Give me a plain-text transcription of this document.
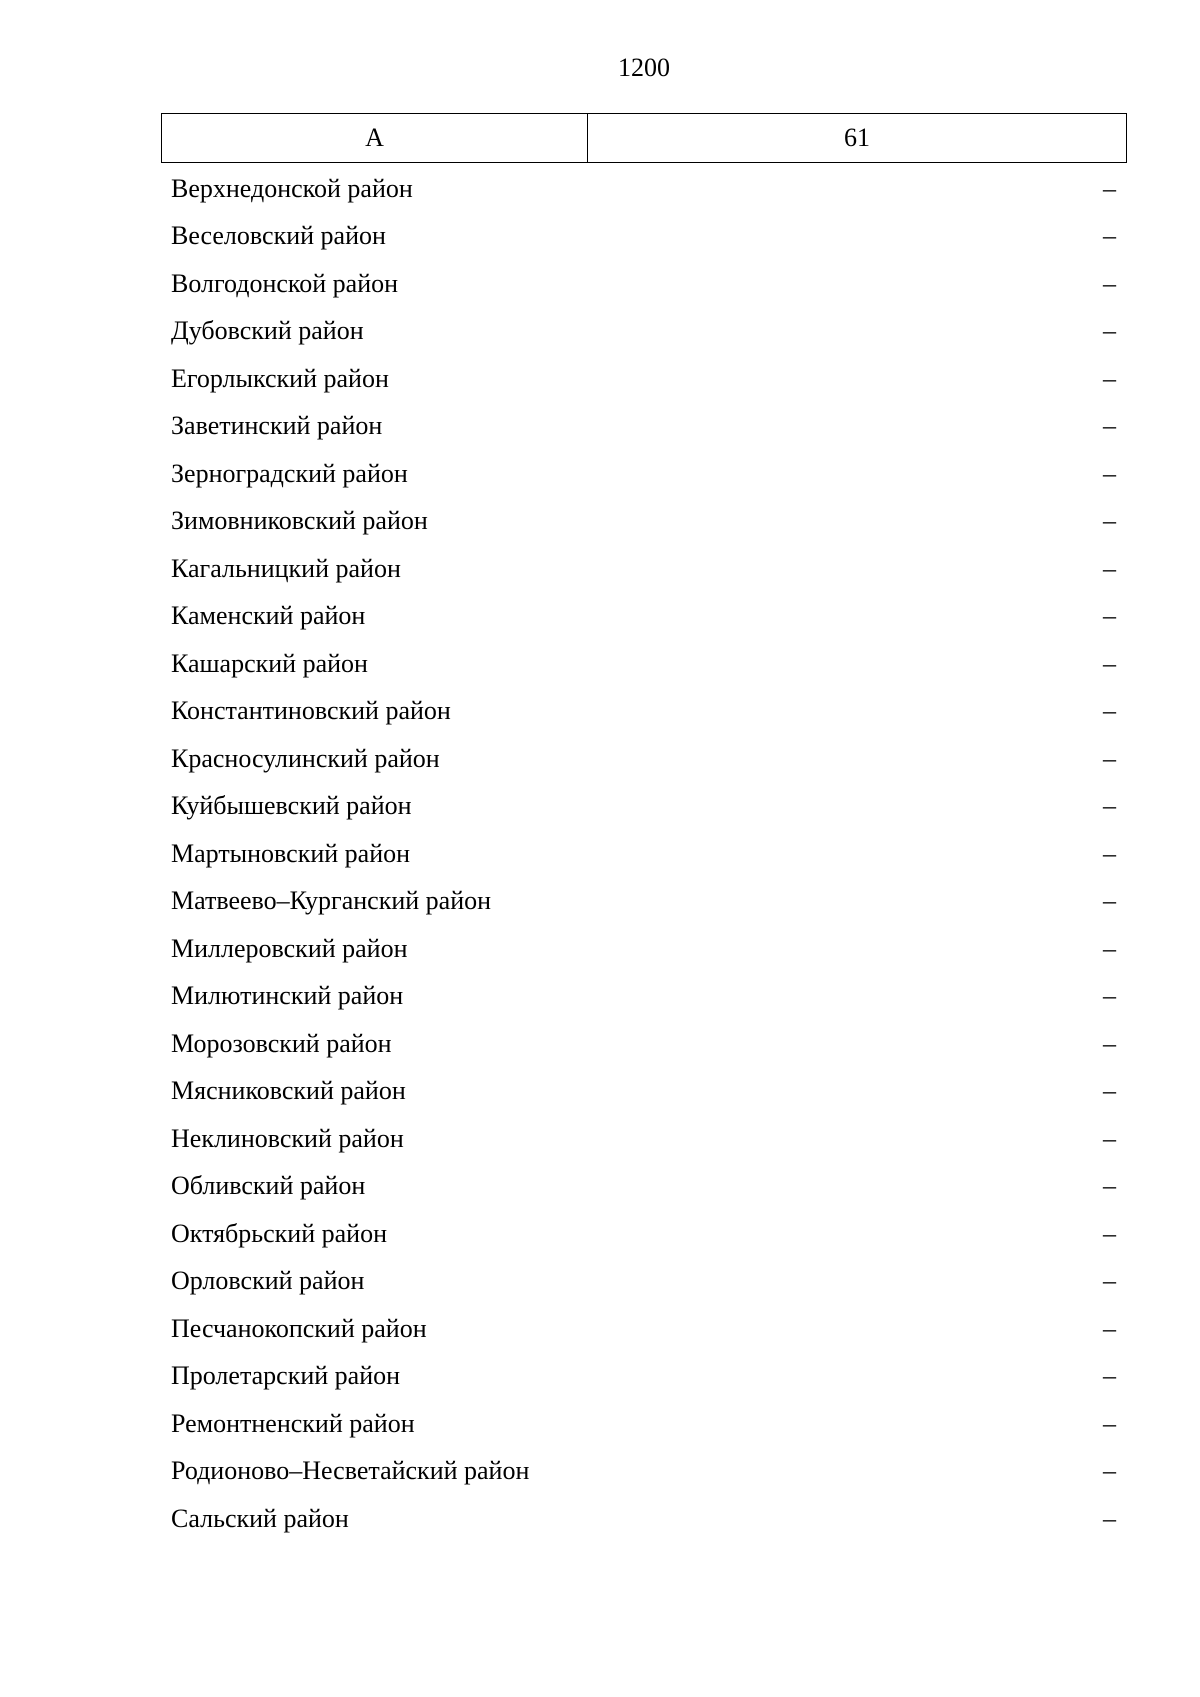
1200
А	61
Верхнедонской район	–
Веселовский район	–
Волгодонской район	–
Дубовский район	–
Егорлыкский район	–
Заветинский район	–
Зерноградский район	–
Зимовниковский район	–
Кагальницкий район	–
Каменский район	–
Кашарский район	–
Константиновский район	–
Красносулинский район	–
Куйбышевский район	–
Мартыновский район	–
Матвеево–Курганский район	–
Миллеровский район	–
Милютинский район	–
Морозовский район	–
Мясниковский район	–
Неклиновский район	–
Обливский район	–
Октябрьский район	–
Орловский район	–
Песчанокопский район	–
Пролетарский район	–
Ремонтненский район	–
Родионово–Несветайский район	–
Сальский район	–
